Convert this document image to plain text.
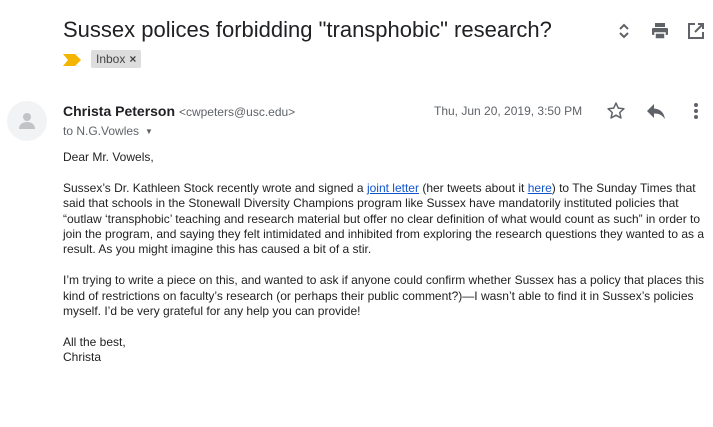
Sussex polices forbidding "transphobic" research?
Inbox ×
Christa Peterson <cwpeters@usc.edu>
to N.G.Vowles ▼
Thu, Jun 20, 2019, 3:50 PM

Dear Mr. Vowels,

Sussex’s Dr. Kathleen Stock recently wrote and signed a joint letter (her tweets about it here) to The Sunday Times that said that schools in the Stonewall Diversity Champions program like Sussex have mandatorily instituted policies that “outlaw ‘transphobic’ teaching and research material but offer no clear definition of what would count as such” in order to join the program, and saying they felt intimidated and inhibited from exploring the research questions they wanted to as a result. As you might imagine this has caused a bit of a stir.

I’m trying to write a piece on this, and wanted to ask if anyone could confirm whether Sussex has a policy that places this kind of restrictions on faculty’s research (or perhaps their public comment?)—I wasn’t able to find it in Sussex’s policies myself. I’d be very grateful for any help you can provide!

All the best,
Christa
